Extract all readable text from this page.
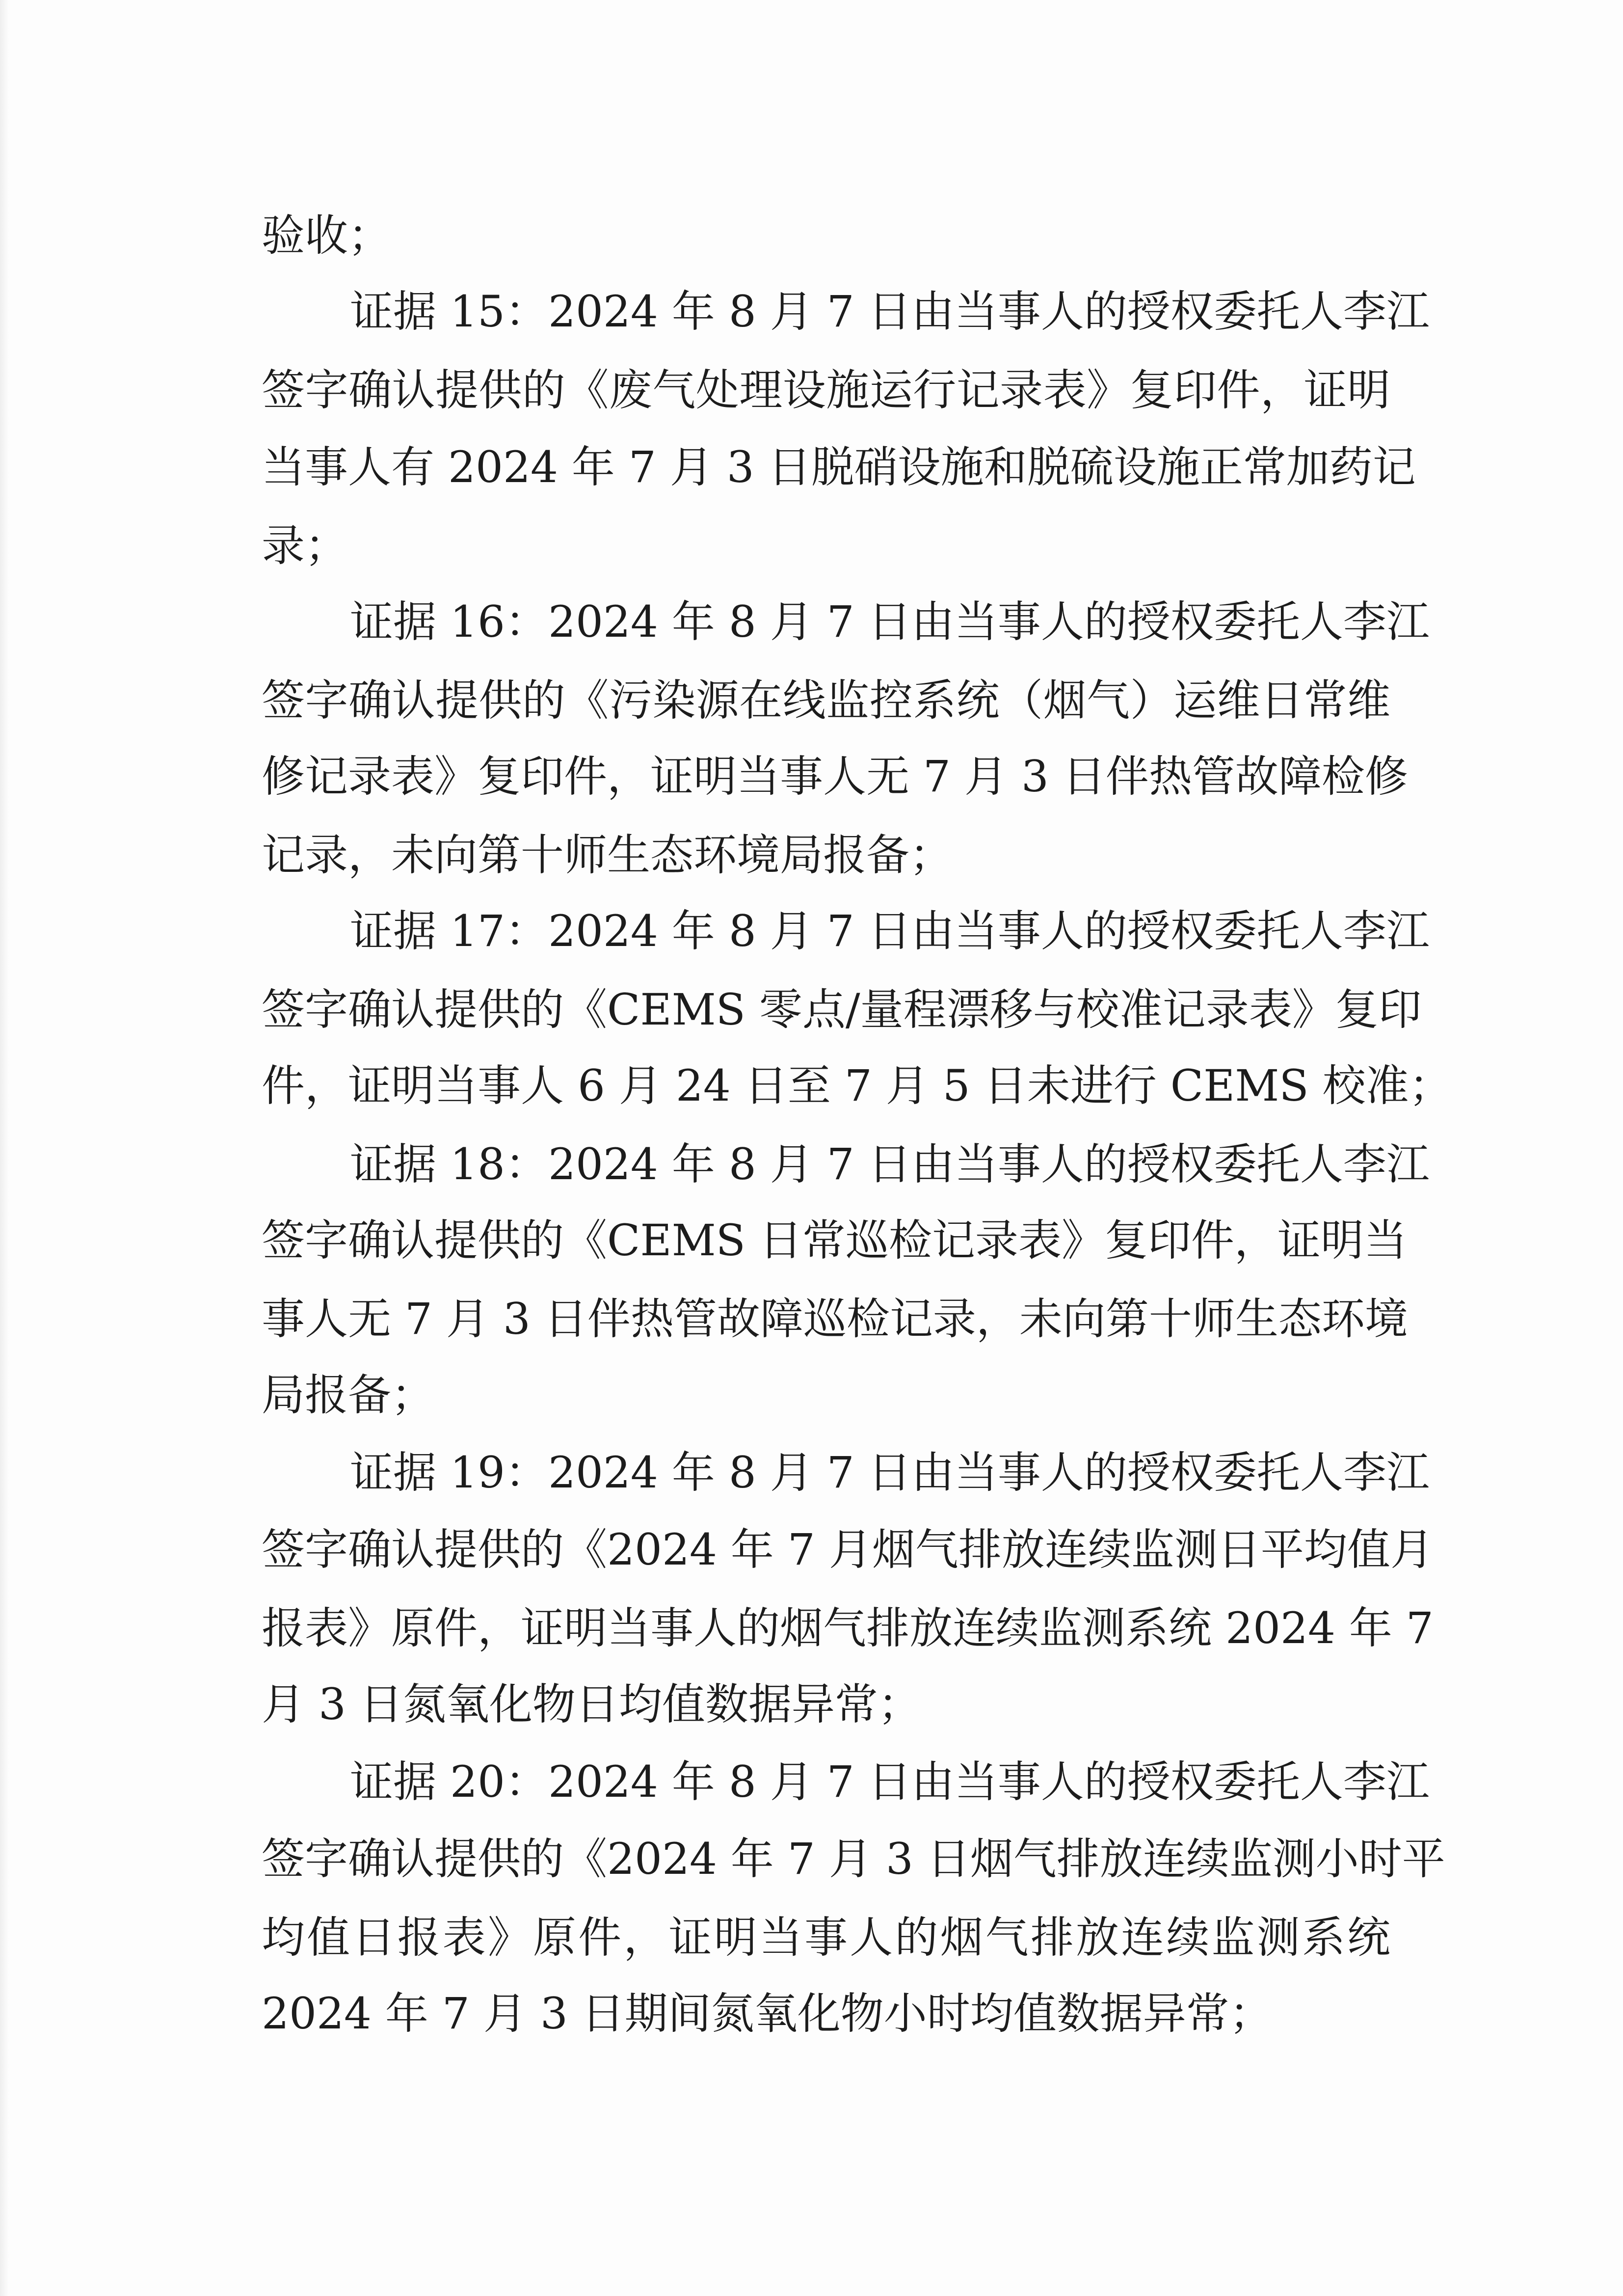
验收；
证据 15：2024 年 8 月 7 日由当事人的授权委托人李江
签字确认提供的《废气处理设施运行记录表》复印件，证明
当事人有 2024 年 7 月 3 日脱硝设施和脱硫设施正常加药记
录；
证据 16：2024 年 8 月 7 日由当事人的授权委托人李江
签字确认提供的《污染源在线监控系统（烟气）运维日常维
修记录表》复印件，证明当事人无 7 月 3 日伴热管故障检修
记录，未向第十师生态环境局报备；
证据 17：2024 年 8 月 7 日由当事人的授权委托人李江
签字确认提供的《CEMS 零点/量程漂移与校准记录表》复印
件，证明当事人 6 月 24 日至 7 月 5 日未进行 CEMS 校准；
证据 18：2024 年 8 月 7 日由当事人的授权委托人李江
签字确认提供的《CEMS 日常巡检记录表》复印件，证明当
事人无 7 月 3 日伴热管故障巡检记录，未向第十师生态环境
局报备；
证据 19：2024 年 8 月 7 日由当事人的授权委托人李江
签字确认提供的《2024 年 7 月烟气排放连续监测日平均值月
报表》原件，证明当事人的烟气排放连续监测系统 2024 年 7
月 3 日氮氧化物日均值数据异常；
证据 20：2024 年 8 月 7 日由当事人的授权委托人李江
签字确认提供的《2024 年 7 月 3 日烟气排放连续监测小时平
均值日报表》原件，证明当事人的烟气排放连续监测系统
2024 年 7 月 3 日期间氮氧化物小时均值数据异常；
